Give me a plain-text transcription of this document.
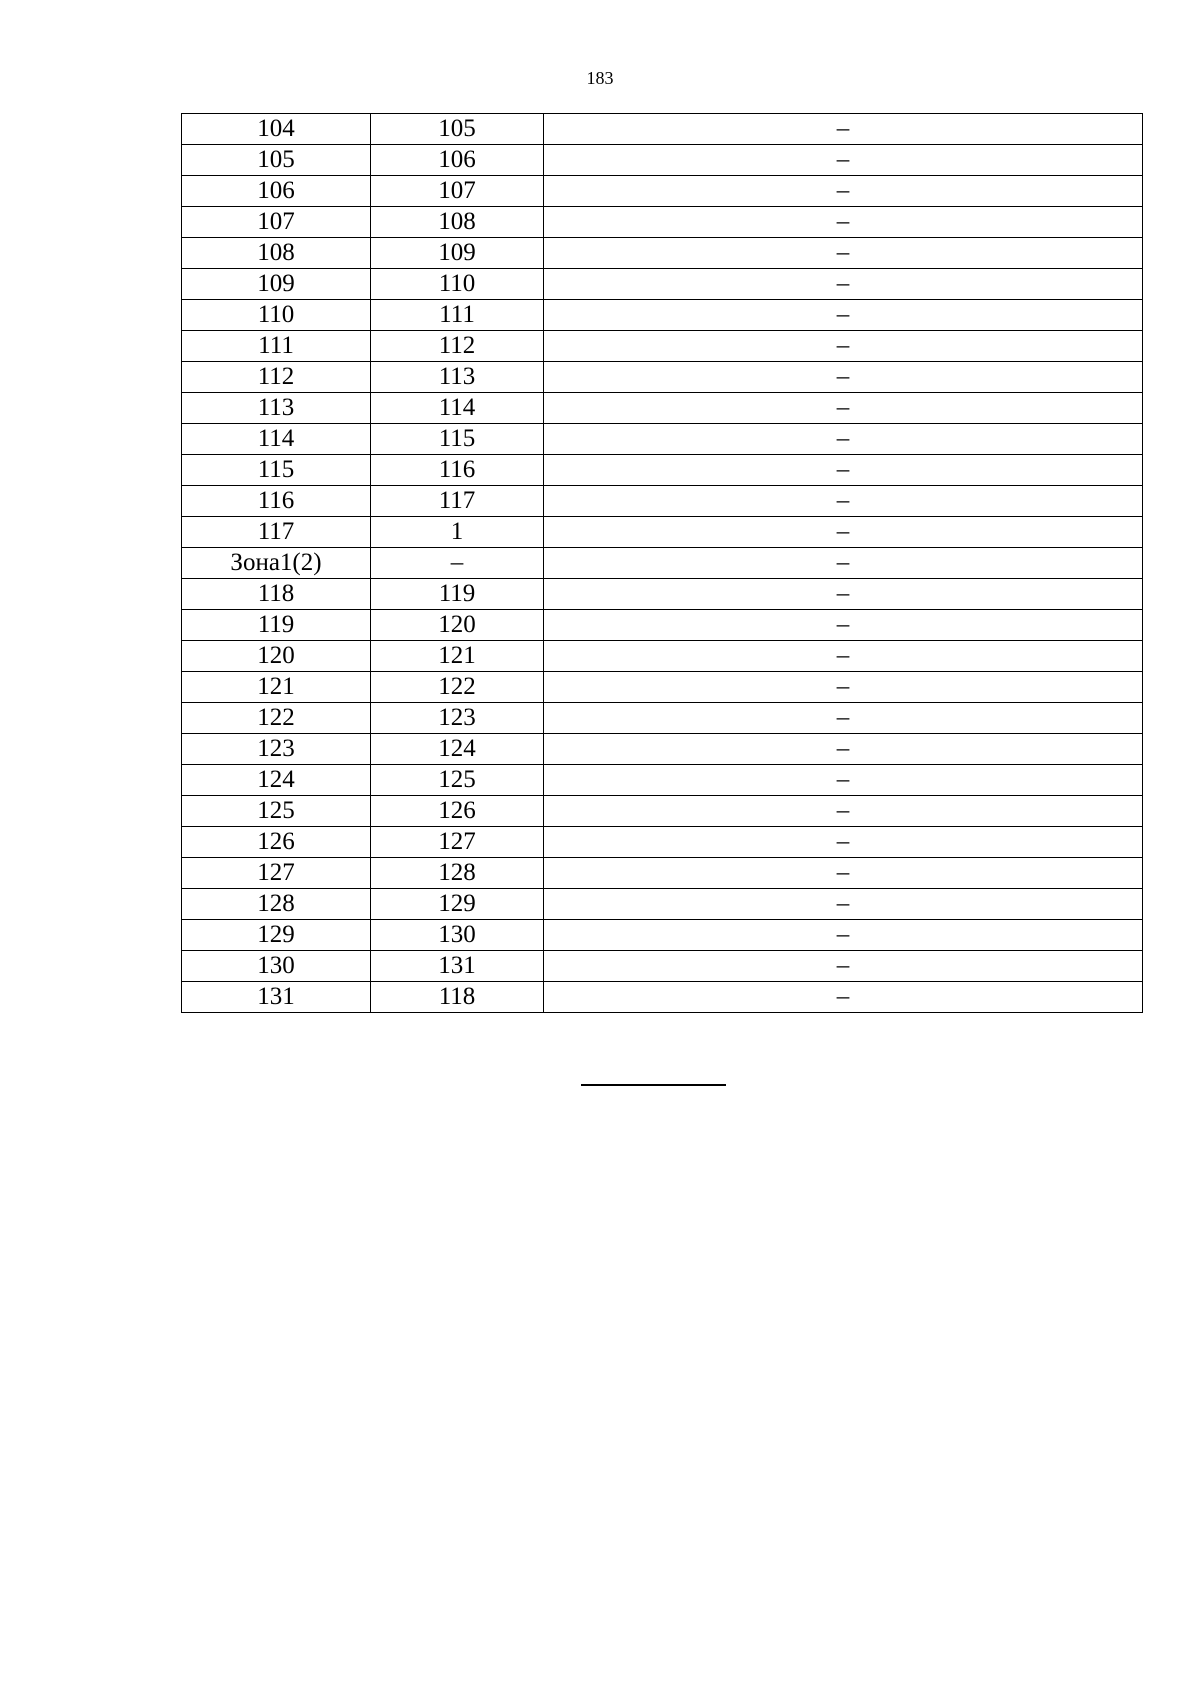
183
104	105	–
105	106	–
106	107	–
107	108	–
108	109	–
109	110	–
110	111	–
111	112	–
112	113	–
113	114	–
114	115	–
115	116	–
116	117	–
117	1	–
Зона1(2)	–	–
118	119	–
119	120	–
120	121	–
121	122	–
122	123	–
123	124	–
124	125	–
125	126	–
126	127	–
127	128	–
128	129	–
129	130	–
130	131	–
131	118	–
